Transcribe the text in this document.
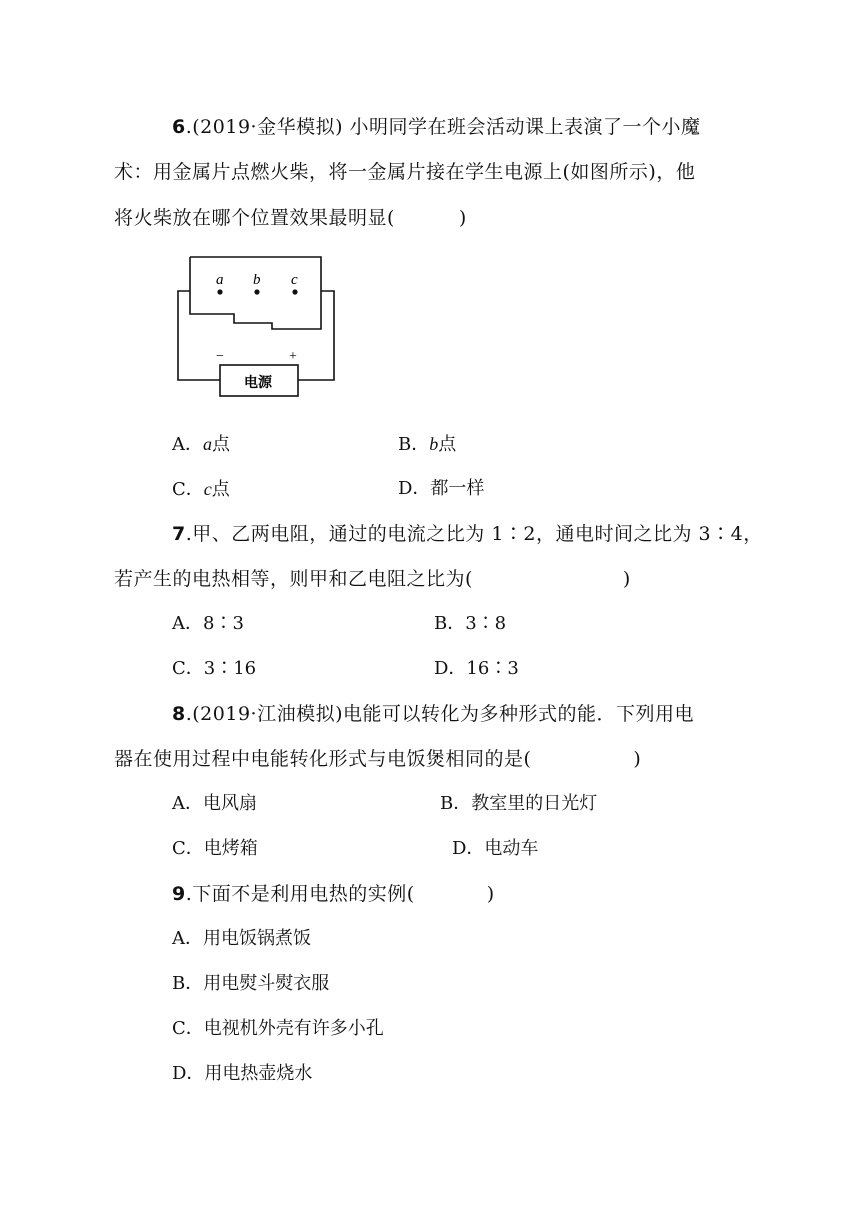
6.(2019·金华模拟) 小明同学在班会活动课上表演了一个小魔
术：用金属片点燃火柴，将一金属片接在学生电源上(如图所示)，他
将火柴放在哪个位置效果最明显(	)
a b c
−	+
电源
A．a点	B．b点
C．c点	D．都一样
7.甲、乙两电阻，通过的电流之比为 1∶2，通电时间之比为 3∶4，
若产生的电热相等，则甲和乙电阻之比为(	)
A．8∶3	B．3∶8
C．3∶16	D．16∶3
8.(2019·江油模拟)电能可以转化为多种形式的能．下列用电
器在使用过程中电能转化形式与电饭煲相同的是(	)
A．电风扇	B．教室里的日光灯
C．电烤箱	D．电动车
9.下面不是利用电热的实例(	)
A．用电饭锅煮饭
B．用电熨斗熨衣服
C．电视机外壳有许多小孔
D．用电热壶烧水
